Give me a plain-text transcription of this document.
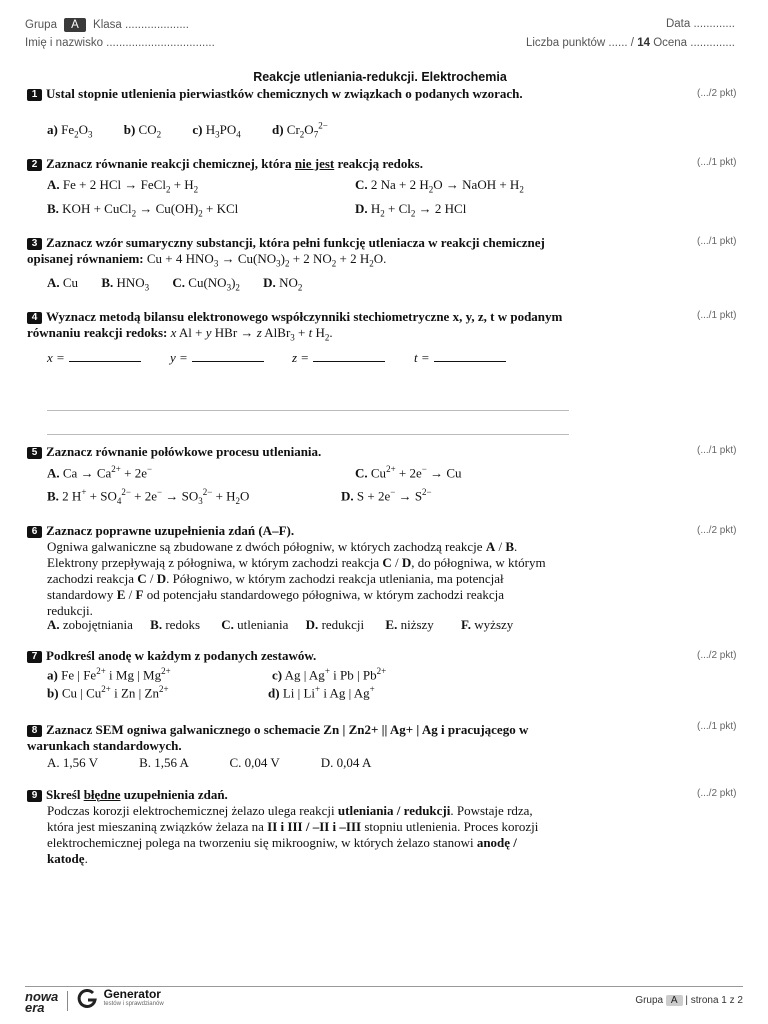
Grupa A Klasa ....................	Data .............
Imię i nazwisko ..................................	Liczba punktów ...... / 14 Ocena ..............
Reakcje utleniania-redukcji. Elektrochemia
1 Ustal stopnie utlenienia pierwiastków chemicznych w związkach o podanych wzorach.	(.../2 pkt)
a) $Fe_2O_3$ b) $CO_2$ c) $H_3PO_4$ d) $Cr_2O_7^{2-}$
2 Zaznacz równanie reakcji chemicznej, która nie jest reakcją redoks.	(.../1 pkt)
A. Fe + 2 HCl → FeCl$_2$ + $H_2$	C. 2 Na + 2 $H_2O$ → NaOH + $H_2$
B. KOH + CuCl$_2$ → $Cu(OH)_2$ + KCl	D. $H_2 + Cl_2 \to 2$ HCl
3 Zaznacz wzór sumaryczny substancji, która pełni funkcję utleniacza w reakcji chemicznej opisanej równaniem: Cu + 4 $HNO_3 \to Cu(NO_3)_2 + 2$ $NO_2 + 2$ $H_2O$.
(.../1 pkt)
A. Cu B. $HNO_3$ C. $Cu(NO_3)_2$ D. $NO_2$
4 Wyznacz metodą bilansu elektronowego współczynniki stechiometryczne x, y, z, t w podanym równaniu reakcji redoks: x Al + y HBr → z AlBr$_3$ + t $H_2$.
(.../1 pkt)
x =	y =	z =	t =
5 Zaznacz równanie połówkowe procesu utleniania.	(.../1 pkt)
A. $Ca \to Ca^{2+} + 2e^-$	C. $Cu^{2+} + 2e^- \to Cu$
B. 2 $H^+ + SO_4^{2-} + 2e^- \to SO_3^{2-} + H_2O$	D. $S + 2e^- \to S^{2-}$
6 Zaznacz poprawne uzupełnienia zdań (A–F).
Ogniwa galwaniczne są zbudowane z dwóch półogniw, w których zachodzą reakcje A / B. Elektrony przepływają z półogniwa, w którym zachodzi reakcja C / D, do półogniwa, w którym zachodzi reakcja C / D. Półogniwo, w którym zachodzi reakcja utleniania, ma potencjał standardowy E / F od potencjału standardowego półogniwa, w którym zachodzi reakcja redukcji.
(.../2 pkt)
A. zobojętniania B. redoks C. utleniania D. redukcji E. niższy F. wyższy
7 Podkreśl anodę w każdym z podanych zestawów.	(.../2 pkt)
a) Fe | $Fe^{2+}$ i Mg | $Mg^{2+}$	c) Ag | Ag+ i Pb | $Pb^{2+}$
b) Cu | $Cu^{2+}$ i Zn | $Zn^{2+}$	d) Li | Li+ i Ag | Ag+
8 Zaznacz SEM ogniwa galwanicznego o schemacie Zn | Zn2+ || Ag+ | Ag i pracującego w warunkach standardowych.
(.../1 pkt)
A. 1,56 V	B. 1,56 A	C. 0,04 V	D. 0,04 A
9 Skreśl błędne uzupełnienia zdań.
Podczas korozji elektrochemicznej żelazo ulega reakcji utleniania / redukcji. Powstaje rdza, która jest mieszaniną związków żelaza na II i III / –II i –III stopniu utlenienia. Proces korozji elektrochemicznej polega na tworzeniu się mikroogniw, w których żelazo stanowi anodę / katodę.
(.../2 pkt)
nowa era

Generator
testów i sprawdzianów	Grupa A | strona 1 z 2
